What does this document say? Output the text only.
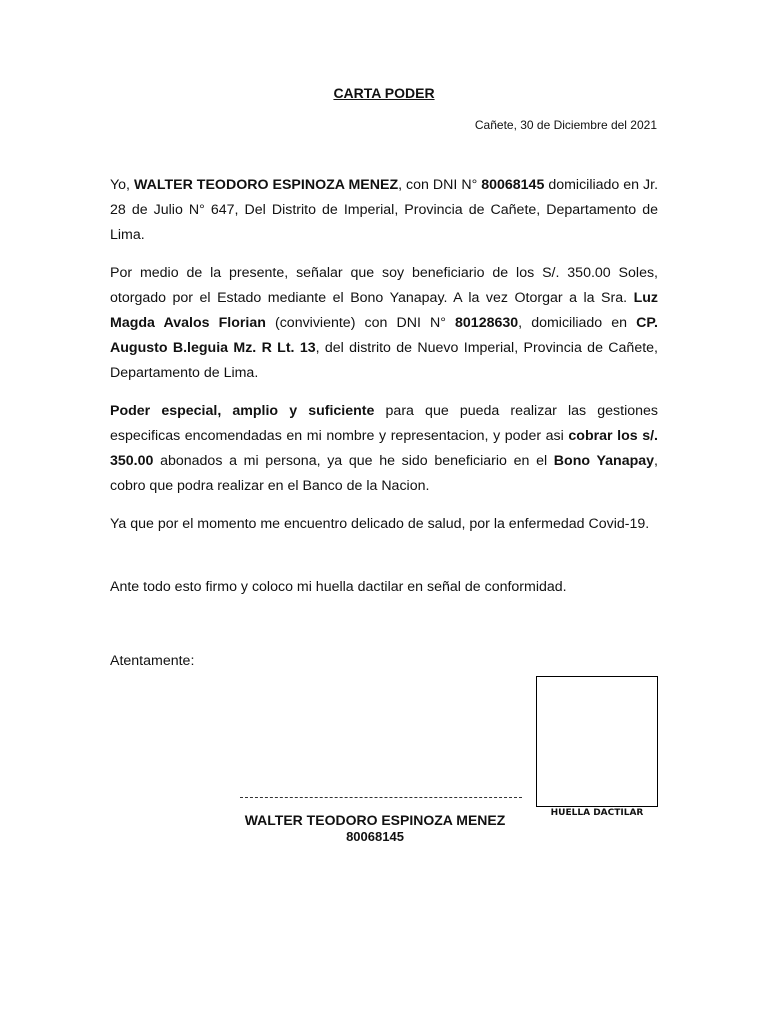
CARTA PODER
Cañete, 30 de Diciembre del 2021

Yo, WALTER TEODORO ESPINOZA MENEZ, con DNI N° 80068145 domiciliado en Jr. 28 de Julio N° 647, Del Distrito de Imperial, Provincia de Cañete, Departamento de Lima.

Por medio de la presente, señalar que soy beneficiario de los S/. 350.00 Soles, otorgado por el Estado mediante el Bono Yanapay. A la vez Otorgar a la Sra. Luz Magda Avalos Florian (conviviente) con DNI N° 80128630, domiciliado en CP. Augusto B.leguia Mz. R Lt. 13, del distrito de Nuevo Imperial, Provincia de Cañete, Departamento de Lima.

Poder especial, amplio y suficiente para que pueda realizar las gestiones especificas encomendadas en mi nombre y representacion, y poder asi cobrar los s/. 350.00 abonados a mi persona, ya que he sido beneficiario en el Bono Yanapay, cobro que podra realizar en el Banco de la Nacion.

Ya que por el momento me encuentro delicado de salud, por la enfermedad Covid-19.

Ante todo esto firmo y coloco mi huella dactilar en señal de conformidad.

Atentamente:

HUELLA DACTILAR
WALTER TEODORO ESPINOZA MENEZ
80068145
